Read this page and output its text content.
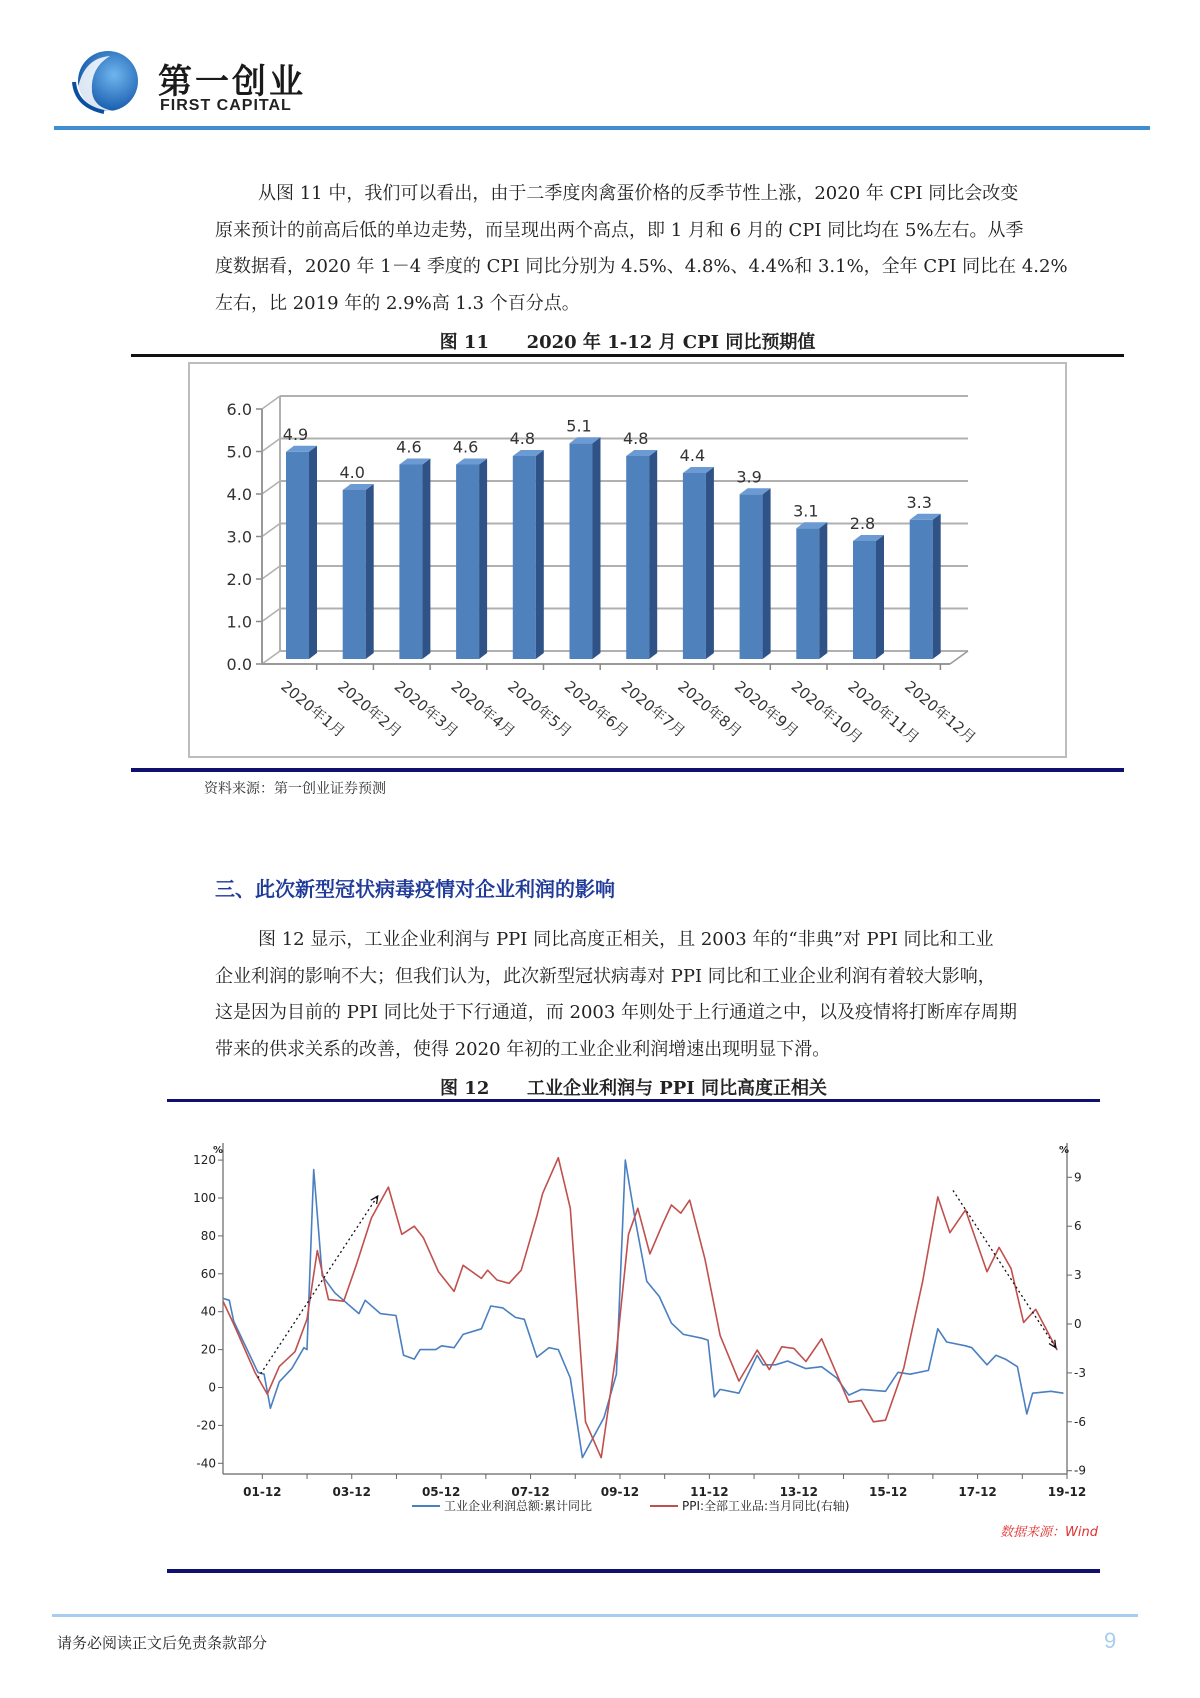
第一创业
FIRST CAPITAL
从图 11 中，我们可以看出，由于二季度肉禽蛋价格的反季节性上涨，2020 年 CPI 同比会改变
原来预计的前高后低的单边走势，而呈现出两个高点，即 1 月和 6 月的 CPI 同比均在 5%左右。从季
度数据看，2020 年 1－4 季度的 CPI 同比分别为 4.5%、4.8%、4.4%和 3.1%，全年 CPI 同比在 4.2%
左右，比 2019 年的 2.9%高 1.3 个百分点。
图 11      2020 年 1-12 月 CPI 同比预期值
0.0
1.0
2.0
3.0
4.0
5.0
6.0
4.9
2020年1月
4.0
2020年2月
4.6
2020年3月
4.6
2020年4月
4.8
2020年5月
5.1
2020年6月
4.8
2020年7月
4.4
2020年8月
3.9
2020年9月
3.1
2020年10月
2.8
2020年11月
3.3
2020年12月
资料来源：第一创业证券预测
三、此次新型冠状病毒疫情对企业利润的影响
图 12 显示，工业企业利润与 PPI 同比高度正相关，且 2003 年的“非典”对 PPI 同比和工业
企业利润的影响不大；但我们认为，此次新型冠状病毒对 PPI 同比和工业企业利润有着较大影响，
这是因为目前的 PPI 同比处于下行通道，而 2003 年则处于上行通道之中，以及疫情将打断库存周期
带来的供求关系的改善，使得 2020 年初的工业企业利润增速出现明显下滑。
图 12      工业企业利润与 PPI 同比高度正相关
%	%
-40
-20
0
20
40
60
80
100
120
-9
-6
-3
0
3
6
9
01-12	03-12	05-12	07-12	09-12	11-12	13-12	15-12	17-12	19-12
工业企业利润总额:累计同比	PPI:全部工业品:当月同比(右轴)
数据来源：Wind
请务必阅读正文后免责条款部分	9
